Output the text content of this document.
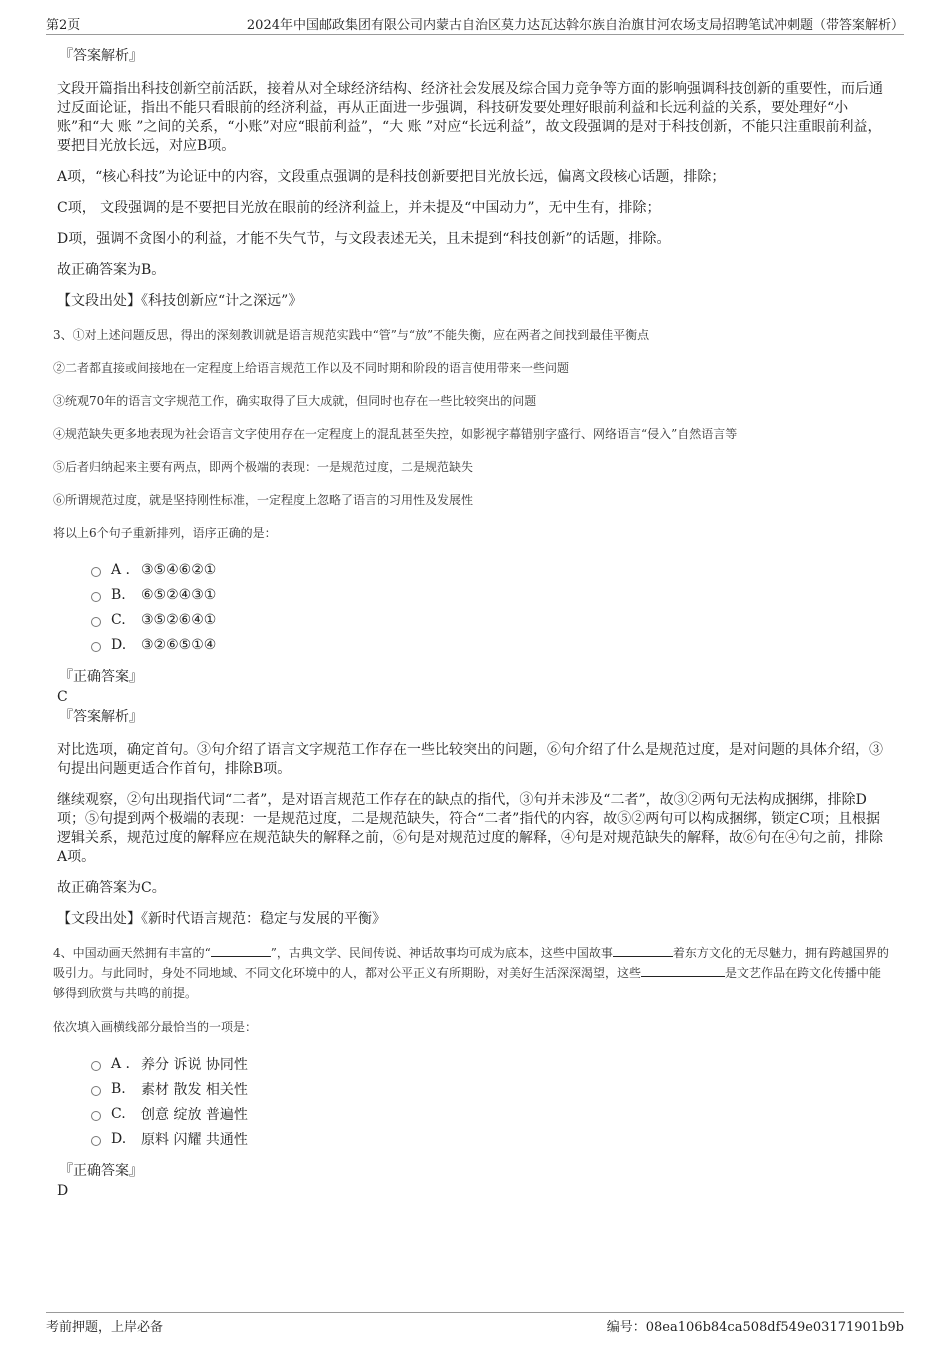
第2页	2024年中国邮政集团有限公司内蒙古自治区莫力达瓦达斡尔族自治旗甘河农场支局招聘笔试冲刺题（带答案解析）
『答案解析』

文段开篇指出科技创新空前活跃，接着从对全球经济结构、经济社会发展及综合国力竞争等方面的影响强调科技创新的重要性，而后通过反面论证，指出不能只看眼前的经济利益，再从正面进一步强调，科技研发要处理好眼前利益和长远利益的关系，要处理好“小账”和“大 账 ”之间的关系，“小账”对应“眼前利益”，“大 账 ”对应“长远利益”，故文段强调的是对于科技创新，不能只注重眼前利益，要把目光放长远，对应B项。

A项，“核心科技”为论证中的内容，文段重点强调的是科技创新要把目光放长远，偏离文段核心话题，排除；

C项， 文段强调的是不要把目光放在眼前的经济利益上，并未提及“中国动力”，无中生有，排除；

D项，强调不贪图小的利益，才能不失气节，与文段表述无关，且未提到“科技创新”的话题，排除。

故正确答案为B。

【文段出处】《科技创新应“计之深远”》

3、①对上述问题反思，得出的深刻教训就是语言规范实践中“管”与“放”不能失衡，应在两者之间找到最佳平衡点

②二者都直接或间接地在一定程度上给语言规范工作以及不同时期和阶段的语言使用带来一些问题

③统观70年的语言文字规范工作，确实取得了巨大成就，但同时也存在一些比较突出的问题

④规范缺失更多地表现为社会语言文字使用存在一定程度上的混乱甚至失控，如影视字幕错别字盛行、网络语言“侵入”自然语言等

⑤后者归纳起来主要有两点，即两个极端的表现：一是规范过度，二是规范缺失

⑥所谓规范过度，就是坚持刚性标准，一定程度上忽略了语言的习用性及发展性

将以上6个句子重新排列，语序正确的是：

A . ③⑤④⑥②①
B.	⑥⑤②④③①
C.	③⑤②⑥④①
D.	③②⑥⑤①④
『正确答案』
C
『答案解析』

对比选项，确定首句。③句介绍了语言文字规范工作存在一些比较突出的问题，⑥句介绍了什么是规范过度，是对问题的具体介绍，③句提出问题更适合作首句，排除B项。

继续观察，②句出现指代词“二者”，是对语言规范工作存在的缺点的指代，③句并未涉及“二者”，故③②两句无法构成捆绑，排除D项；⑤句提到两个极端的表现：一是规范过度，二是规范缺失，符合“二者”指代的内容，故⑤②两句可以构成捆绑，锁定C项；且根据逻辑关系，规范过度的解释应在规范缺失的解释之前，⑥句是对规范过度的解释，④句是对规范缺失的解释，故⑥句在④句之前，排除A项。

故正确答案为C。

【文段出处】《新时代语言规范：稳定与发展的平衡》

4、中国动画天然拥有丰富的“	”，古典文学、民间传说、神话故事均可成为底本，这些中国故事	着东方文化的无尽魅力，拥有跨越国界的吸引力。与此同时，身处不同地域、不同文化环境中的人，都对公平正义有所期盼，对美好生活深深渴望，这些	是文艺作品在跨文化传播中能够得到欣赏与共鸣的前提。

依次填入画横线部分最恰当的一项是：

A . 养分 诉说 协同性
B.	素材 散发 相关性
C.	创意 绽放 普遍性
D.	原料 闪耀 共通性
『正确答案』
D
考前押题，上岸必备	编号：08ea106b84ca508df549e03171901b9b
